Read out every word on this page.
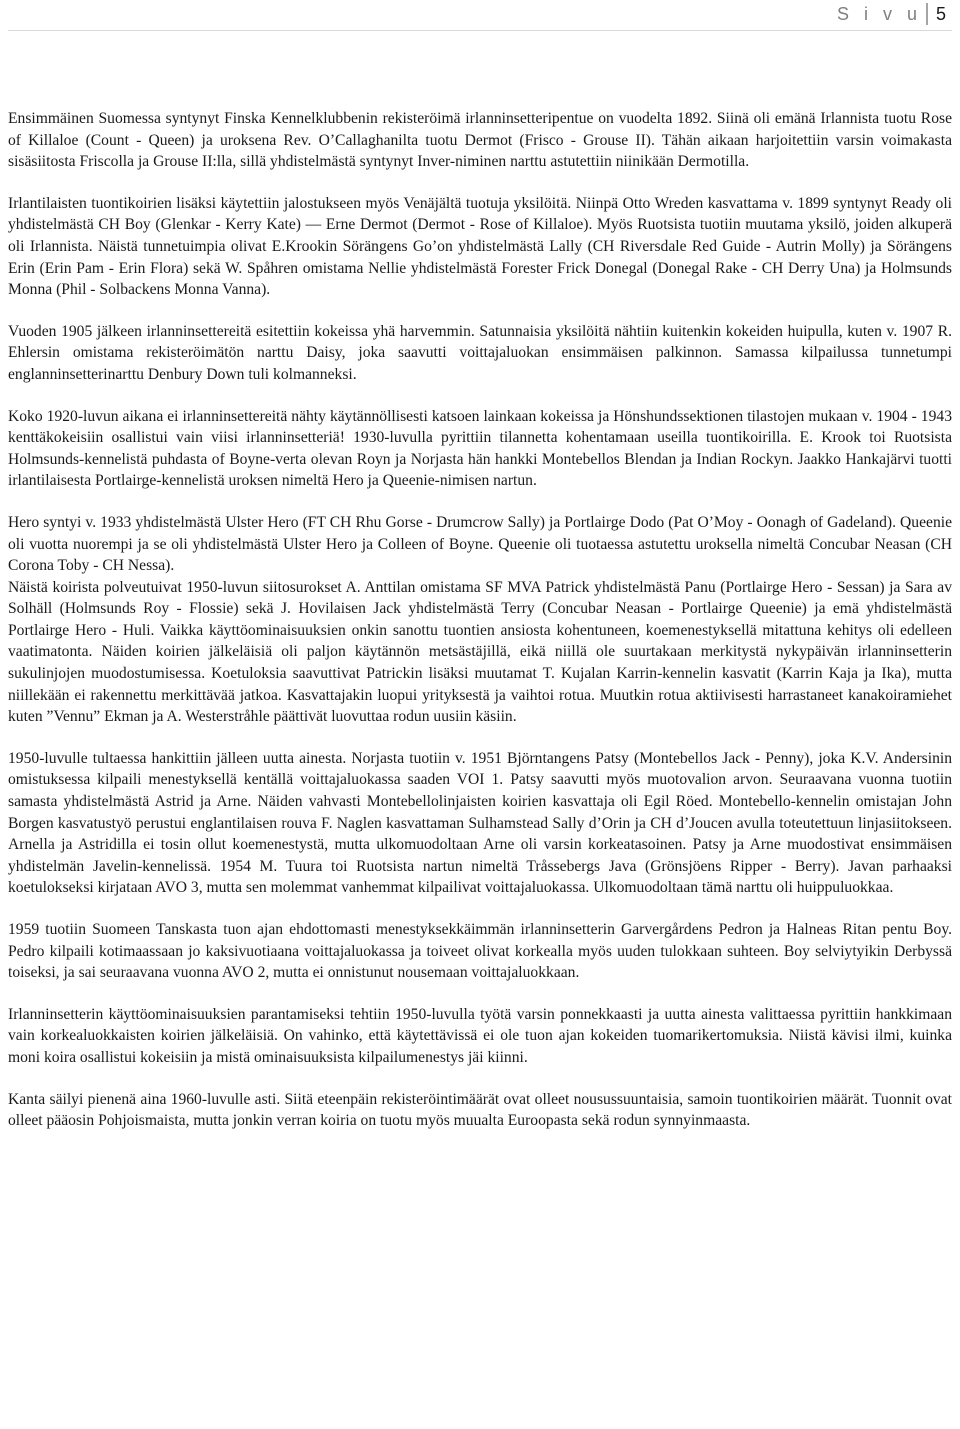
S i v u 5

Ensimmäinen Suomessa syntynyt Finska Kennelklubbenin rekisteröimä irlanninsetteripentue on vuodelta 1892. Siinä oli emänä Irlannista tuotu Rose of Killaloe (Count - Queen) ja uroksena Rev. O’Callaghanilta tuotu Dermot (Frisco - Grouse II). Tähän aikaan harjoitettiin varsin voimakasta sisäsiitosta Friscolla ja Grouse II:lla, sillä yhdistelmästä syntynyt Inver-niminen narttu astutettiin niinikään Dermotilla.

Irlantilaisten tuontikoirien lisäksi käytettiin jalostukseen myös Venäjältä tuotuja yksilöitä. Niinpä Otto Wreden kasvattama v. 1899 syntynyt Ready oli yhdistelmästä CH Boy (Glenkar - Kerry Kate) — Erne Dermot (Dermot - Rose of Killaloe). Myös Ruotsista tuotiin muutama yksilö, joiden alkuperä oli Irlannista. Näistä tunnetuimpia olivat E.Krookin Sörängens Go’on yhdistelmästä Lally (CH Riversdale Red Guide - Autrin Molly) ja Sörängens Erin (Erin Pam - Erin Flora) sekä W. Spåhren omistama Nellie yhdistelmästä Forester Frick Donegal (Donegal Rake - CH Derry Una) ja Holmsunds Monna (Phil - Solbackens Monna Vanna).

Vuoden 1905 jälkeen irlanninsettereitä esitettiin kokeissa yhä harvemmin. Satunnaisia yksilöitä nähtiin kuitenkin kokeiden huipulla, kuten v. 1907 R. Ehlersin omistama rekisteröimätön narttu Daisy, joka saavutti voittajaluokan ensimmäisen palkinnon. Samassa kilpailussa tunnetumpi englanninsetterinarttu Denbury Down tuli kolmanneksi.

Koko 1920-luvun aikana ei irlanninsettereitä nähty käytännöllisesti katsoen lainkaan kokeissa ja Hönshundssektionen tilastojen mukaan v. 1904 - 1943 kenttäkokeisiin osallistui vain viisi irlanninsetteriä! 1930-luvulla pyrittiin tilannetta kohentamaan useilla tuontikoirilla. E. Krook toi Ruotsista Holmsunds-kennelistä puhdasta of Boyne-verta olevan Royn ja Norjasta hän hankki Montebellos Blendan ja Indian Rockyn. Jaakko Hankajärvi tuotti irlantilaisesta Portlairge-kennelistä uroksen nimeltä Hero ja Queenie-nimisen nartun.

Hero syntyi v. 1933 yhdistelmästä Ulster Hero (FT CH Rhu Gorse - Drumcrow Sally) ja Portlairge Dodo (Pat O’Moy - Oonagh of Gadeland). Queenie oli vuotta nuorempi ja se oli yhdistelmästä Ulster Hero ja Colleen of Boyne. Queenie oli tuotaessa astutettu uroksella nimeltä Concubar Neasan (CH Corona Toby - CH Nessa).

Näistä koirista polveutuivat 1950-luvun siitosurokset A. Anttilan omistama SF MVA Patrick yhdistelmästä Panu (Portlairge Hero - Sessan) ja Sara av Solhäll (Holmsunds Roy - Flossie) sekä J. Hovilaisen Jack yhdistelmästä Terry (Concubar Neasan - Portlairge Queenie) ja emä yhdistelmästä Portlairge Hero - Huli. Vaikka käyttöominaisuuksien onkin sanottu tuontien ansiosta kohentuneen, koemenestyksellä mitattuna kehitys oli edelleen vaatimatonta. Näiden koirien jälkeläisiä oli paljon käytännön metsästäjillä, eikä niillä ole suurtakaan merkitystä nykypäivän irlanninsetterin sukulinjojen muodostumisessa. Koetuloksia saavuttivat Patrickin lisäksi muutamat T. Kujalan Karrin-kennelin kasvatit (Karrin Kaja ja Ika), mutta niillekään ei rakennettu merkittävää jatkoa. Kasvattajakin luopui yrityksestä ja vaihtoi rotua. Muutkin rotua aktiivisesti harrastaneet kanakoiramiehet kuten ”Vennu” Ekman ja A. Westerstråhle päättivät luovuttaa rodun uusiin käsiin.

1950-luvulle tultaessa hankittiin jälleen uutta ainesta. Norjasta tuotiin v. 1951 Björntangens Patsy (Montebellos Jack - Penny), joka K.V. Andersinin omistuksessa kilpaili menestyksellä kentällä voittajaluokassa saaden VOI 1. Patsy saavutti myös muotovalion arvon. Seuraavana vuonna tuotiin samasta yhdistelmästä Astrid ja Arne. Näiden vahvasti Montebellolinjaisten koirien kasvattaja oli Egil Röed. Montebello-kennelin omistajan John Borgen kasvatustyö perustui englantilaisen rouva F. Naglen kasvattaman Sulhamstead Sally d’Orin ja CH d’Joucen avulla toteutettuun linjasiitokseen. Arnella ja Astridilla ei tosin ollut koemenestystä, mutta ulkomuodoltaan Arne oli varsin korkeatasoinen. Patsy ja Arne muodostivat ensimmäisen yhdistelmän Javelin-kennelissä. 1954 M. Tuura toi Ruotsista nartun nimeltä Tråssebergs Java (Grönsjöens Ripper - Berry). Javan parhaaksi koetulokseksi kirjataan AVO 3, mutta sen molemmat vanhemmat kilpailivat voittajaluokassa. Ulkomuodoltaan tämä narttu oli huippuluokkaa.

1959 tuotiin Suomeen Tanskasta tuon ajan ehdottomasti menestyksekkäimmän irlanninsetterin Garvergårdens Pedron ja Halneas Ritan pentu Boy. Pedro kilpaili kotimaassaan jo kaksivuotiaana voittajaluokassa ja toiveet olivat korkealla myös uuden tulokkaan suhteen. Boy selviytyikin Derbyssä toiseksi, ja sai seuraavana vuonna AVO 2, mutta ei onnistunut nousemaan voittajaluokkaan.

Irlanninsetterin käyttöominaisuuksien parantamiseksi tehtiin 1950-luvulla työtä varsin ponnekkaasti ja uutta ainesta valittaessa pyrittiin hankkimaan vain korkealuokkaisten koirien jälkeläisiä. On vahinko, että käytettävissä ei ole tuon ajan kokeiden tuomarikertomuksia. Niistä kävisi ilmi, kuinka moni koira osallistui kokeisiin ja mistä ominaisuuksista kilpailumenestys jäi kiinni.

Kanta säilyi pienenä aina 1960-luvulle asti. Siitä eteenpäin rekisteröintimäärät ovat olleet nousussuuntaisia, samoin tuontikoirien määrät. Tuonnit ovat olleet pääosin Pohjoismaista, mutta jonkin verran koiria on tuotu myös muualta Euroopasta sekä rodun synnyinmaasta.
